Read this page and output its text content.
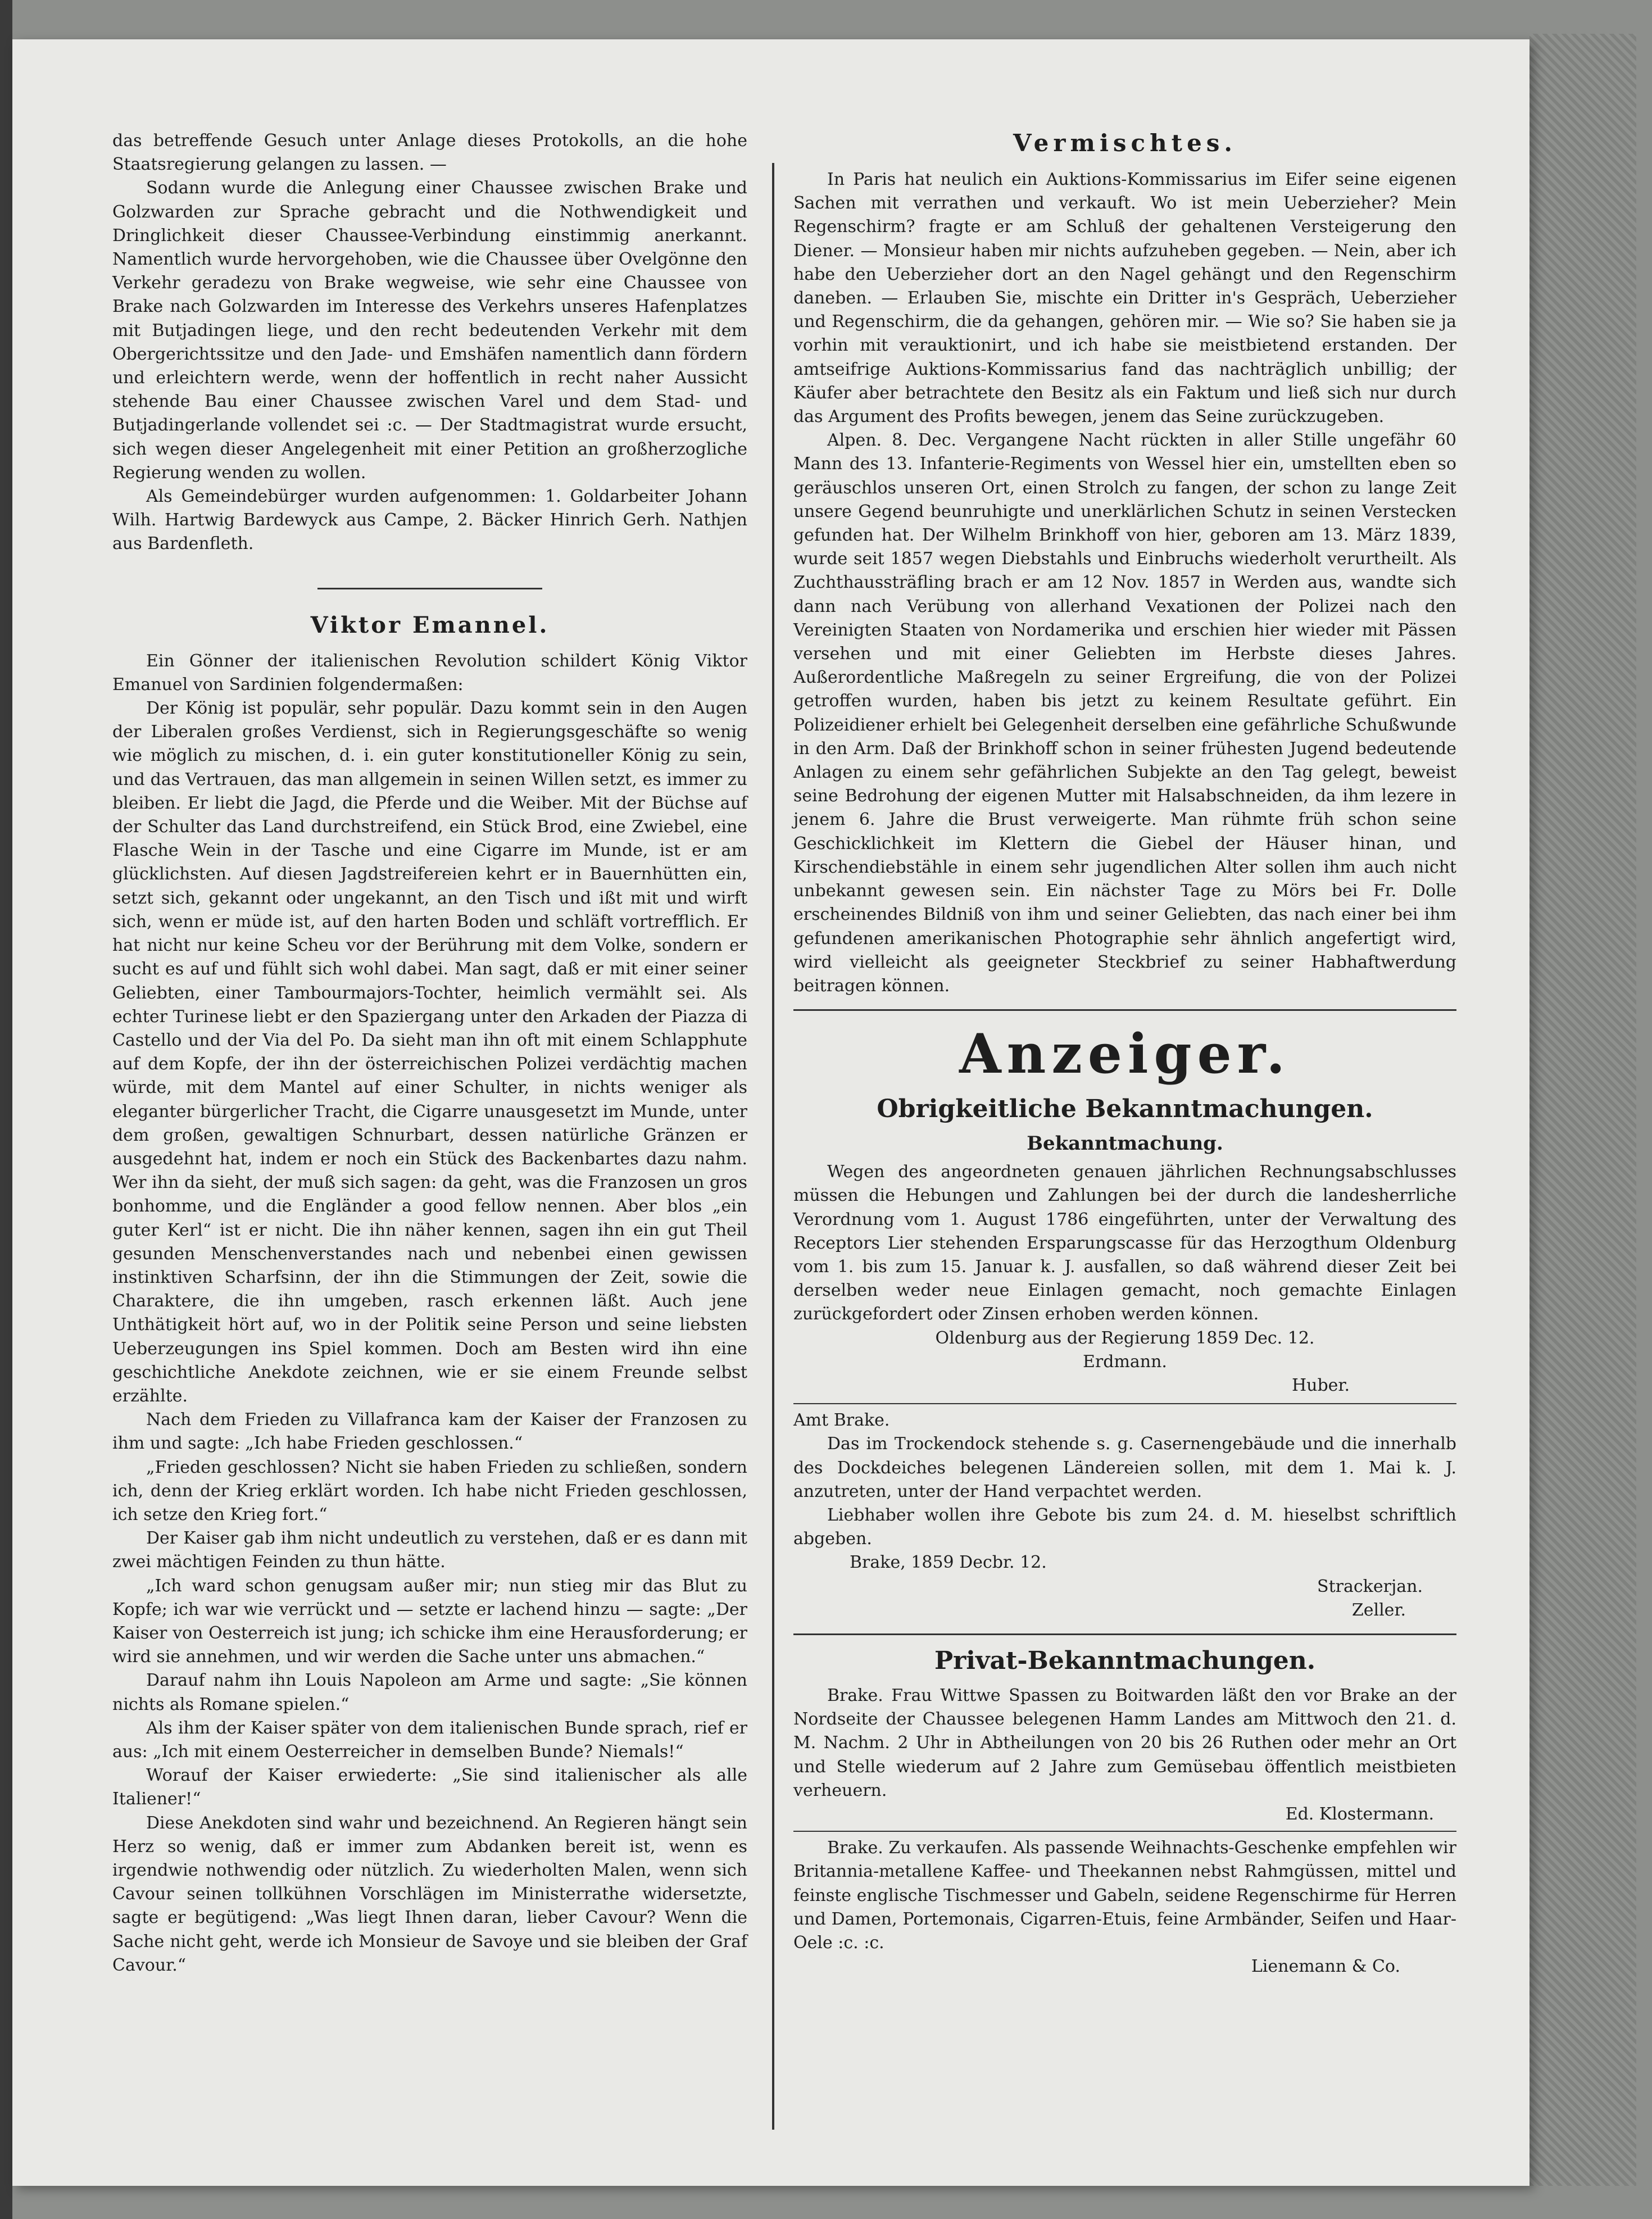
das betreffende Gesuch unter Anlage dieses Protokolls, an die hohe Staatsregierung gelangen zu lassen. —

Sodann wurde die Anlegung einer Chaussee zwischen Brake und Golzwarden zur Sprache gebracht und die Nothwendigkeit und Dringlichkeit dieser Chaussee-Verbindung einstimmig anerkannt. Namentlich wurde hervorgehoben, wie die Chaussee über Ovelgönne den Verkehr geradezu von Brake wegweise, wie sehr eine Chaussee von Brake nach Golzwarden im Interesse des Verkehrs unseres Hafenplatzes mit Butjadingen liege, und den recht bedeutenden Verkehr mit dem Obergerichtssitze und den Jade- und Emshäfen namentlich dann fördern und erleichtern werde, wenn der hoffentlich in recht naher Aussicht stehende Bau einer Chaussee zwischen Varel und dem Stad- und Butjadingerlande vollendet sei :c. — Der Stadtmagistrat wurde ersucht, sich wegen dieser Angelegenheit mit einer Petition an großherzogliche Regierung wenden zu wollen.

Als Gemeindebürger wurden aufgenommen: 1. Goldarbeiter Johann Wilh. Hartwig Bardewyck aus Campe, 2. Bäcker Hinrich Gerh. Nathjen aus Bardenfleth.

Viktor Emannel.

Ein Gönner der italienischen Revolution schildert König Viktor Emanuel von Sardinien folgendermaßen:

Der König ist populär, sehr populär. Dazu kommt sein in den Augen der Liberalen großes Verdienst, sich in Regierungsgeschäfte so wenig wie möglich zu mischen, d. i. ein guter konstitutioneller König zu sein, und das Vertrauen, das man allgemein in seinen Willen setzt, es immer zu bleiben. Er liebt die Jagd, die Pferde und die Weiber. Mit der Büchse auf der Schulter das Land durchstreifend, ein Stück Brod, eine Zwiebel, eine Flasche Wein in der Tasche und eine Cigarre im Munde, ist er am glücklichsten. Auf diesen Jagdstreifereien kehrt er in Bauernhütten ein, setzt sich, gekannt oder ungekannt, an den Tisch und ißt mit und wirft sich, wenn er müde ist, auf den harten Boden und schläft vortrefflich. Er hat nicht nur keine Scheu vor der Berührung mit dem Volke, sondern er sucht es auf und fühlt sich wohl dabei. Man sagt, daß er mit einer seiner Geliebten, einer Tambourmajors-Tochter, heimlich vermählt sei. Als echter Turinese liebt er den Spaziergang unter den Arkaden der Piazza di Castello und der Via del Po. Da sieht man ihn oft mit einem Schlapphute auf dem Kopfe, der ihn der österreichischen Polizei verdächtig machen würde, mit dem Mantel auf einer Schulter, in nichts weniger als eleganter bürgerlicher Tracht, die Cigarre unausgesetzt im Munde, unter dem großen, gewaltigen Schnurbart, dessen natürliche Gränzen er ausgedehnt hat, indem er noch ein Stück des Backenbartes dazu nahm. Wer ihn da sieht, der muß sich sagen: da geht, was die Franzosen un gros bonhomme, und die Engländer a good fellow nennen. Aber blos „ein guter Kerl“ ist er nicht. Die ihn näher kennen, sagen ihn ein gut Theil gesunden Menschenverstandes nach und nebenbei einen gewissen instinktiven Scharfsinn, der ihn die Stimmungen der Zeit, sowie die Charaktere, die ihn umgeben, rasch erkennen läßt. Auch jene Unthätigkeit hört auf, wo in der Politik seine Person und seine liebsten Ueberzeugungen ins Spiel kommen. Doch am Besten wird ihn eine geschichtliche Anekdote zeichnen, wie er sie einem Freunde selbst erzählte.

Nach dem Frieden zu Villafranca kam der Kaiser der Franzosen zu ihm und sagte: „Ich habe Frieden geschlossen.“

„Frieden geschlossen? Nicht sie haben Frieden zu schließen, sondern ich, denn der Krieg erklärt worden. Ich habe nicht Frieden geschlossen, ich setze den Krieg fort.“

Der Kaiser gab ihm nicht undeutlich zu verstehen, daß er es dann mit zwei mächtigen Feinden zu thun hätte.

„Ich ward schon genugsam außer mir; nun stieg mir das Blut zu Kopfe; ich war wie verrückt und — setzte er lachend hinzu — sagte: „Der Kaiser von Oesterreich ist jung; ich schicke ihm eine Herausforderung; er wird sie annehmen, und wir werden die Sache unter uns abmachen.“

Darauf nahm ihn Louis Napoleon am Arme und sagte: „Sie können nichts als Romane spielen.“

Als ihm der Kaiser später von dem italienischen Bunde sprach, rief er aus: „Ich mit einem Oesterreicher in demselben Bunde? Niemals!“

Worauf der Kaiser erwiederte: „Sie sind italienischer als alle Italiener!“

Diese Anekdoten sind wahr und bezeichnend. An Regieren hängt sein Herz so wenig, daß er immer zum Abdanken bereit ist, wenn es irgendwie nothwendig oder nützlich. Zu wiederholten Malen, wenn sich Cavour seinen tollkühnen Vorschlägen im Ministerrathe widersetzte, sagte er begütigend: „Was liegt Ihnen daran, lieber Cavour? Wenn die Sache nicht geht, werde ich Monsieur de Savoye und sie bleiben der Graf Cavour.“

Vermischtes.

In Paris hat neulich ein Auktions-Kommissarius im Eifer seine eigenen Sachen mit verrathen und verkauft. Wo ist mein Ueberzieher? Mein Regenschirm? fragte er am Schluß der gehaltenen Versteigerung den Diener. — Monsieur haben mir nichts aufzuheben gegeben. — Nein, aber ich habe den Ueberzieher dort an den Nagel gehängt und den Regenschirm daneben. — Erlauben Sie, mischte ein Dritter in's Gespräch, Ueberzieher und Regenschirm, die da gehangen, gehören mir. — Wie so? Sie haben sie ja vorhin mit verauktionirt, und ich habe sie meistbietend erstanden. Der amtseifrige Auktions-Kommissarius fand das nachträglich unbillig; der Käufer aber betrachtete den Besitz als ein Faktum und ließ sich nur durch das Argument des Profits bewegen, jenem das Seine zurückzugeben.

Alpen. 8. Dec. Vergangene Nacht rückten in aller Stille ungefähr 60 Mann des 13. Infanterie-Regiments von Wessel hier ein, umstellten eben so geräuschlos unseren Ort, einen Strolch zu fangen, der schon zu lange Zeit unsere Gegend beunruhigte und unerklärlichen Schutz in seinen Verstecken gefunden hat. Der Wilhelm Brinkhoff von hier, geboren am 13. März 1839, wurde seit 1857 wegen Diebstahls und Einbruchs wiederholt verurtheilt. Als Zuchthaussträfling brach er am 12 Nov. 1857 in Werden aus, wandte sich dann nach Verübung von allerhand Vexationen der Polizei nach den Vereinigten Staaten von Nordamerika und erschien hier wieder mit Pässen versehen und mit einer Geliebten im Herbste dieses Jahres. Außerordentliche Maßregeln zu seiner Ergreifung, die von der Polizei getroffen wurden, haben bis jetzt zu keinem Resultate geführt. Ein Polizeidiener erhielt bei Gelegenheit derselben eine gefährliche Schußwunde in den Arm. Daß der Brinkhoff schon in seiner frühesten Jugend bedeutende Anlagen zu einem sehr gefährlichen Subjekte an den Tag gelegt, beweist seine Bedrohung der eigenen Mutter mit Halsabschneiden, da ihm lezere in jenem 6. Jahre die Brust verweigerte. Man rühmte früh schon seine Geschicklichkeit im Klettern die Giebel der Häuser hinan, und Kirschendiebstähle in einem sehr jugendlichen Alter sollen ihm auch nicht unbekannt gewesen sein. Ein nächster Tage zu Mörs bei Fr. Dolle erscheinendes Bildniß von ihm und seiner Geliebten, das nach einer bei ihm gefundenen amerikanischen Photographie sehr ähnlich angefertigt wird, wird vielleicht als geeigneter Steckbrief zu seiner Habhaftwerdung beitragen können.

Anzeiger.
Obrigkeitliche Bekanntmachungen.
Bekanntmachung.

Wegen des angeordneten genauen jährlichen Rechnungsabschlusses müssen die Hebungen und Zahlungen bei der durch die landesherrliche Verordnung vom 1. August 1786 eingeführten, unter der Verwaltung des Receptors Lier stehenden Ersparungscasse für das Herzogthum Oldenburg vom 1. bis zum 15. Januar k. J. ausfallen, so daß während dieser Zeit bei derselben weder neue Einlagen gemacht, noch gemachte Einlagen zurückgefordert oder Zinsen erhoben werden können.

Oldenburg aus der Regierung 1859 Dec. 12.

Erdmann.

Huber.

Amt Brake.

Das im Trockendock stehende s. g. Casernengebäude und die innerhalb des Dockdeiches belegenen Ländereien sollen, mit dem 1. Mai k. J. anzutreten, unter der Hand verpachtet werden.

Liebhaber wollen ihre Gebote bis zum 24. d. M. hieselbst schriftlich abgeben.

Brake, 1859 Decbr. 12.

Strackerjan.

Zeller.

Privat-Bekanntmachungen.

Brake. Frau Wittwe Spassen zu Boitwarden läßt den vor Brake an der Nordseite der Chaussee belegenen Hamm Landes am Mittwoch den 21. d. M. Nachm. 2 Uhr in Abtheilungen von 20 bis 26 Ruthen oder mehr an Ort und Stelle wiederum auf 2 Jahre zum Gemüsebau öffentlich meistbieten verheuern.

Ed. Klostermann.

Brake. Zu verkaufen. Als passende Weihnachts-Geschenke empfehlen wir Britannia-metallene Kaffee- und Theekannen nebst Rahmgüssen, mittel und feinste englische Tischmesser und Gabeln, seidene Regenschirme für Herren und Damen, Portemonais, Cigarren-Etuis, feine Armbänder, Seifen und Haar-Oele :c. :c.

Lienemann & Co.
